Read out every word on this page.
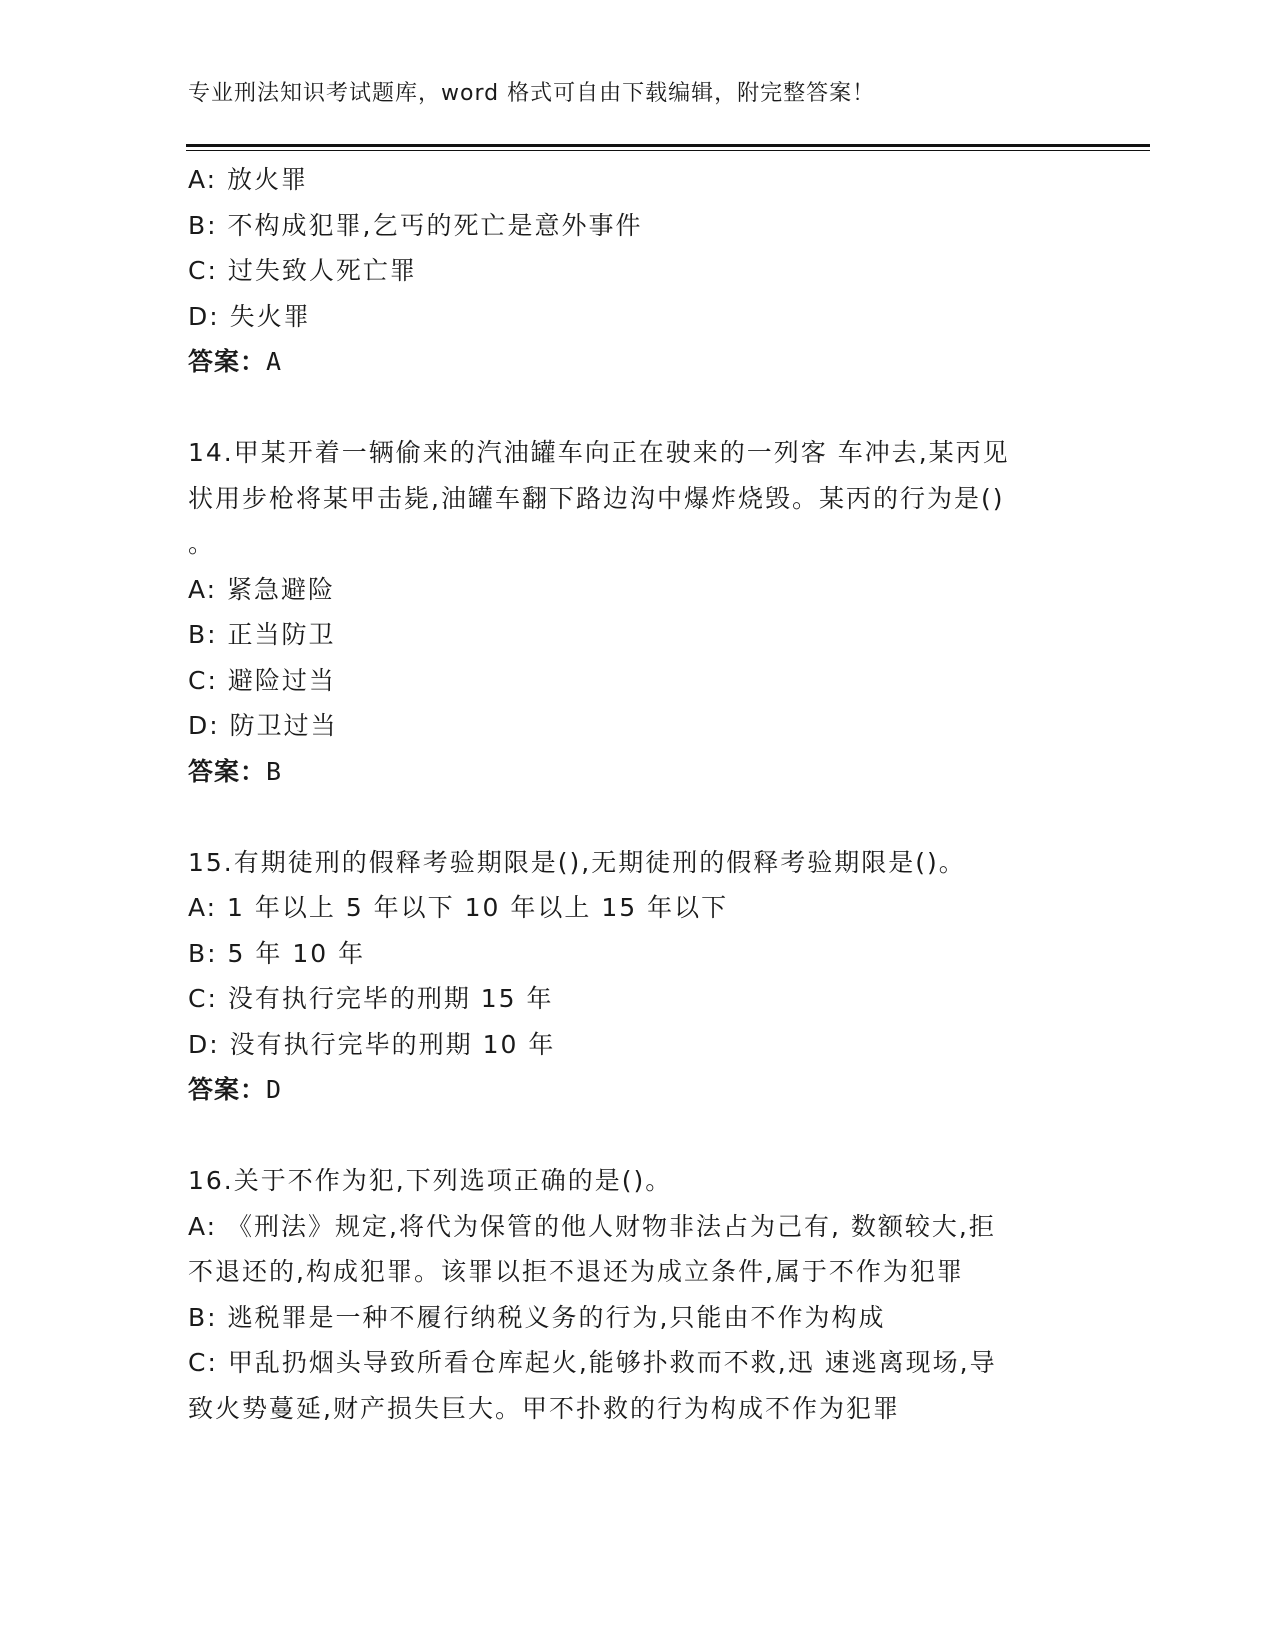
专业刑法知识考试题库，word 格式可自由下载编辑，附完整答案！
A: 放火罪
B: 不构成犯罪,乞丐的死亡是意外事件
C: 过失致人死亡罪
D: 失火罪
答案：A
14.甲某开着一辆偷来的汽油罐车向正在驶来的一列客 车冲去,某丙见
状用步枪将某甲击毙,油罐车翻下路边沟中爆炸烧毁。某丙的行为是()
。
A: 紧急避险
B: 正当防卫
C: 避险过当
D: 防卫过当
答案：B
15.有期徒刑的假释考验期限是(),无期徒刑的假释考验期限是()。
A: 1 年以上 5 年以下 10 年以上 15 年以下
B: 5 年 10 年
C: 没有执行完毕的刑期 15 年
D: 没有执行完毕的刑期 10 年
答案：D
16.关于不作为犯,下列选项正确的是()。
A: 《刑法》规定,将代为保管的他人财物非法占为己有, 数额较大,拒
不退还的,构成犯罪。该罪以拒不退还为成立条件,属于不作为犯罪
B: 逃税罪是一种不履行纳税义务的行为,只能由不作为构成
C: 甲乱扔烟头导致所看仓库起火,能够扑救而不救,迅 速逃离现场,导
致火势蔓延,财产损失巨大。甲不扑救的行为构成不作为犯罪
